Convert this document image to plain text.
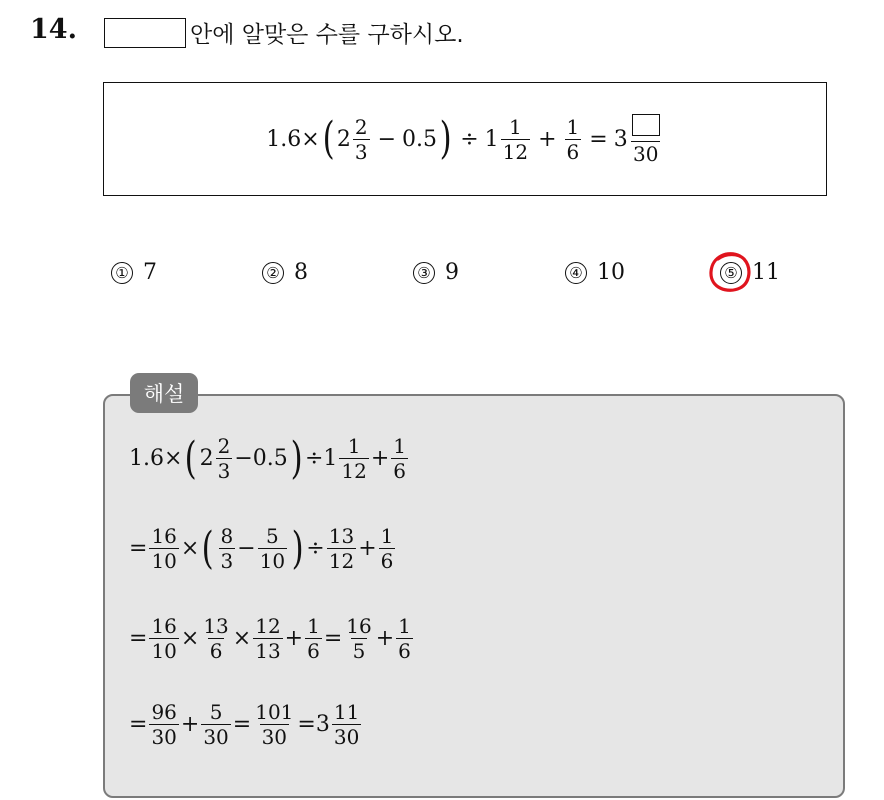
14.	안에 알맞은 수를 구하시오.
1.6 × ( $2 \frac{2}{3} - 0.5$ ) ÷ $1 \frac{1}{12} + \frac{1}{6} = 3$
30
① 7	② 8	③ 9	④ 10	⑤ 11
해설
1.6 × ( $2 \frac{2}{3} - 0.5$ ) ÷ $1 \frac{1}{12} + \frac{1}{6}$
= $\frac{16}{10}$ × ( $\frac{8}{3} - \frac{5}{10}$ ) ÷ $\frac{13}{12} + \frac{1}{6}$
= $\frac{16}{10} \times \frac{13}{6} \times \frac{12}{13} + \frac{1}{6} = \frac{16}{5} + \frac{1}{6}$
= $\frac{96}{30} + \frac{5}{30} = \frac{101}{30} = 3 \frac{11}{30}$
